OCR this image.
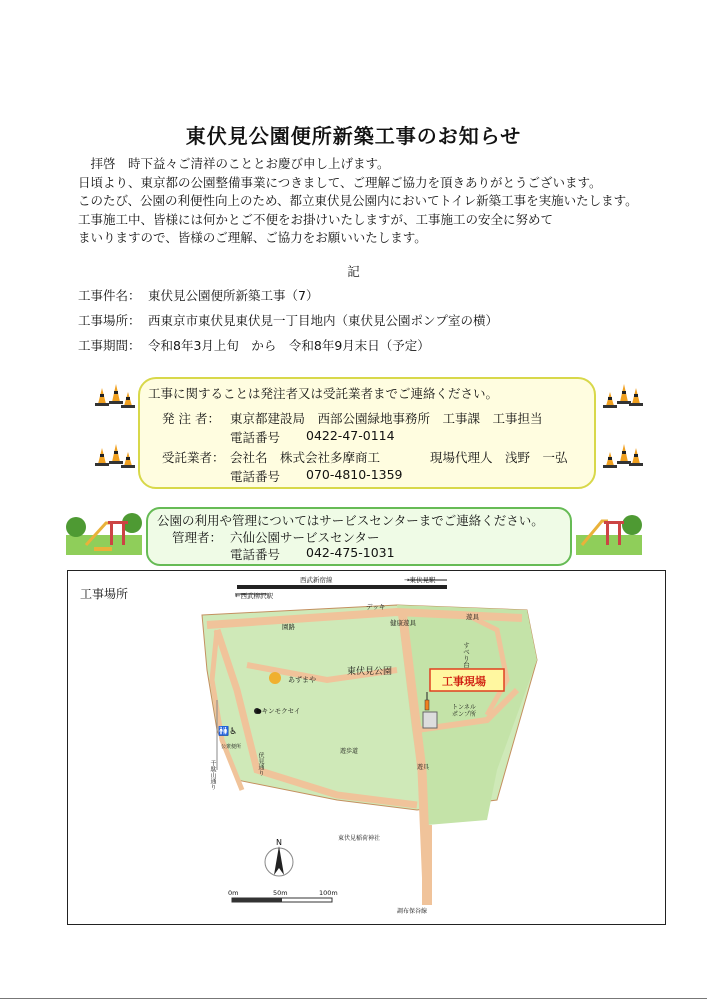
東伏見公園便所新築工事のお知らせ
　拝啓　時下益々ご清祥のこととお慶び申し上げます。
日頃より、東京都の公園整備事業につきまして、ご理解ご協力を頂きありがとうございます。
このたび、公園の利便性向上のため、都立東伏見公園内においてトイレ新築工事を実施いたします。
工事施工中、皆様には何かとご不便をお掛けいたしますが、工事施工の安全に努めて
まいりますので、皆様のご理解、ご協力をお願いいたします。
記
工事件名： 東伏見公園便所新築工事（7）
工事場所： 西東京市東伏見東伏見一丁目地内（東伏見公園ポンプ室の横）
工事期間： 令和8年3月上旬　から　令和8年9月末日（予定）
工事に関することは発注者又は受託業者までご連絡ください。
発 注 者： 東京都建設局　西部公園緑地事務所　工事課　工事担当
電話番号 0422-47-0114
受託業者： 会社名　株式会社多摩商工	現場代理人　浅野　一弘
電話番号 070-4810-1359
公園の利用や管理についてはサービスセンターまでご連絡ください。
管理者： 六仙公園サービスセンター
電話番号 042-475-1031
工事場所
西武新宿線	→東伏見駅
←西武柳沢駅
デッキ
健康遊具
園路
遊具
すべり台
東伏見公園
工事現場
あずまや
●キンモクセイ	トンネル
ポンプ所
🚻♿
公衆便所
遊歩道
遊具
伏見通り
千駄山通り
東伏見稲荷神社
N
0m	50m	100m
調布保谷線
